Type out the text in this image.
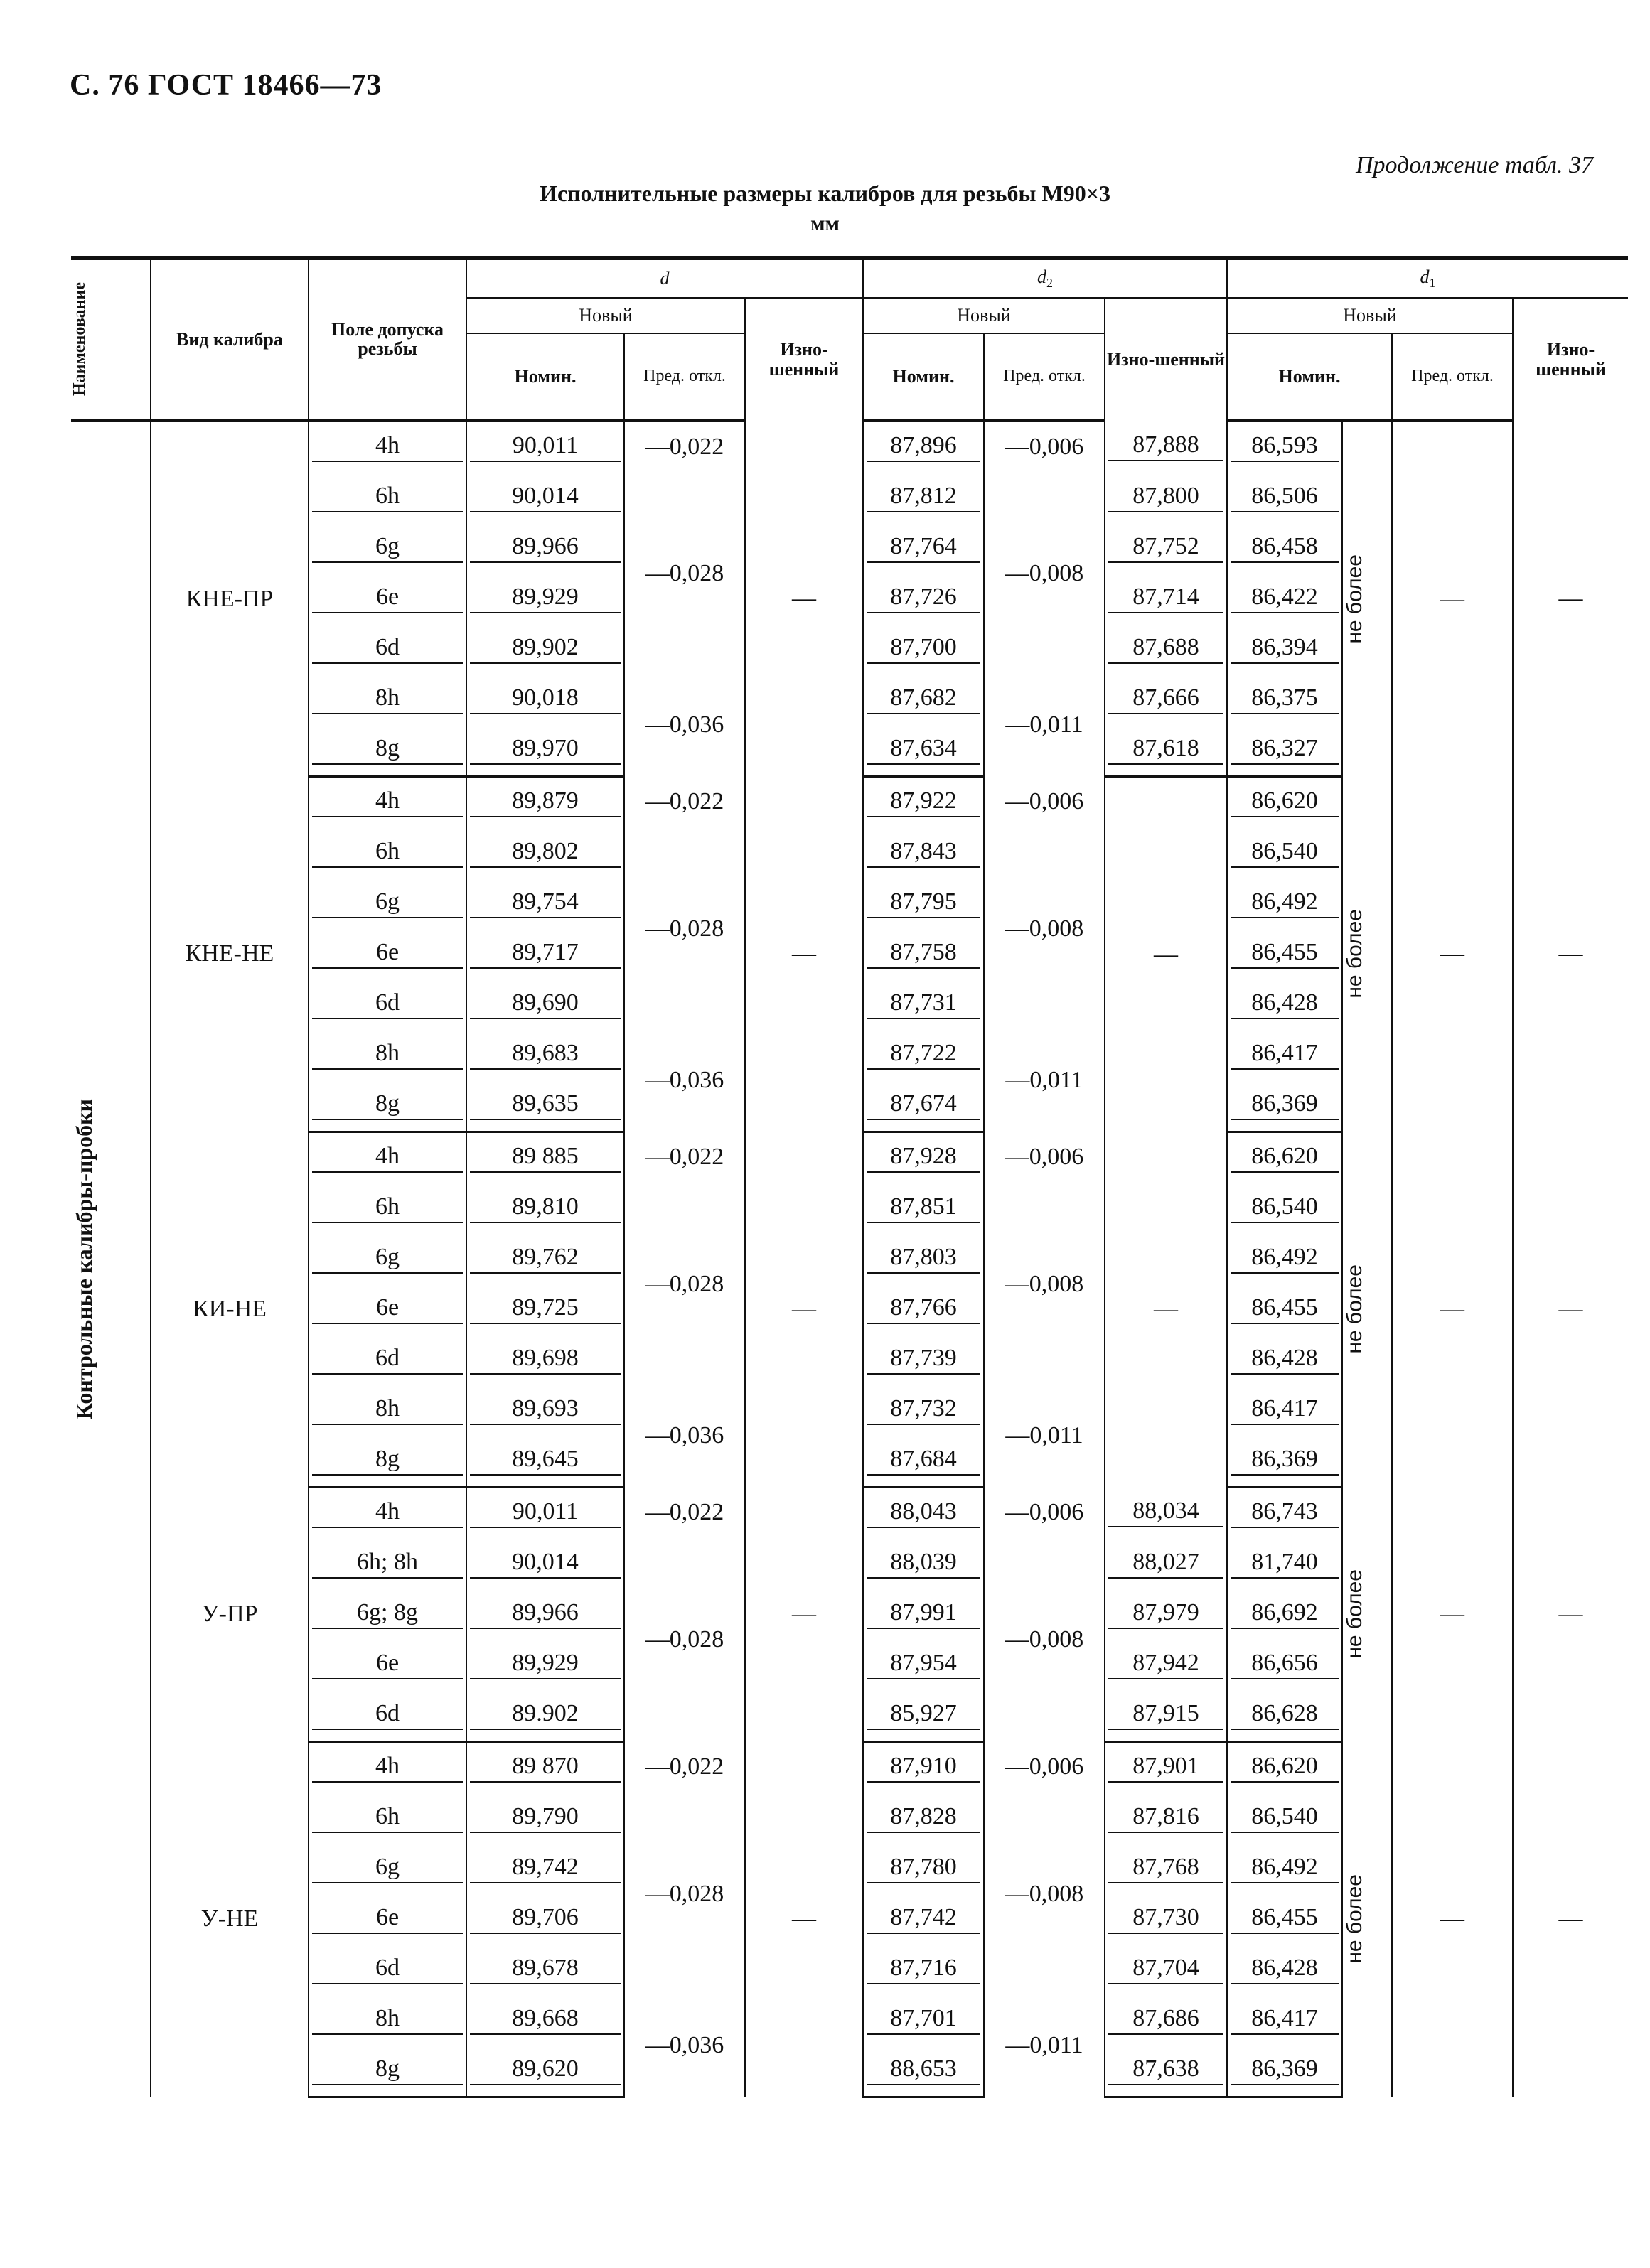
С. 76 ГОСТ 18466—73
Продолжение табл. 37
Исполнительные размеры калибров для резьбы М90×3
мм
Наименование	Вид калибра	Поле допуска резьбы	d			$d_2$			$d_1$
			Новый		Изно-шенный	Новый		Изно-шенный	Новый			Изно-шенный
			Номин.	Пред. откл.		Номин.	Пред. откл.		Номин.		Пред. откл.	

Контрольные калибры-пробки	КНЕ-ПР	4h	90,011	—0,022	—	87,896	—0,006	87,888	86,593	не более	—	—

		6h	90,014	—0,028		87,812	—0,008	87,800	86,506			

		6g	89,966			87,764		87,752	86,458			

		6e	89,929			87,726		87,714	86,422			

		6d	89,902			87,700		87,688	86,394			

		8h	90,018	—0,036		87,682	—0,011	87,666	86,375			

		8g	89,970			87,634		87,618	86,327			

	КНЕ-НЕ	4h	89,879	—0,022	—	87,922	—0,006	—	86,620	не более	—	—

		6h	89,802	—0,028		87,843	—0,008		86,540			

		6g	89,754			87,795			86,492			

		6e	89,717			87,758			86,455			

		6d	89,690			87,731			86,428			

		8h	89,683	—0,036		87,722	—0,011		86,417			

		8g	89,635			87,674			86,369			

	КИ-НЕ	4h	89 885	—0,022	—	87,928	—0,006	—	86,620	не более	—	—

		6h	89,810	—0,028		87,851	—0,008		86,540			

		6g	89,762			87,803			86,492			

		6e	89,725			87,766			86,455			

		6d	89,698			87,739			86,428			

		8h	89,693	—0,036		87,732	—0,011		86,417			

		8g	89,645			87,684			86,369			

	У-ПР	4h	90,011	—0,022	—	88,043	—0,006	88,034	86,743	не более	—	—

		6h; 8h	90,014	—0,028		88,039	—0,008	88,027	81,740			

		6g; 8g	89,966			87,991		87,979	86,692			

		6e	89,929			87,954		87,942	86,656			

		6d	89.902			85,927		87,915	86,628			

	У-НЕ	4h	89 870	—0,022	—	87,910	—0,006	87,901	86,620	не более	—	—

		6h	89,790	—0,028		87,828	—0,008	87,816	86,540			

		6g	89,742			87,780		87,768	86,492			

		6e	89,706			87,742		87,730	86,455			

		6d	89,678			87,716		87,704	86,428			

		8h	89,668	—0,036		87,701	—0,011	87,686	86,417			

		8g	89,620			88,653		87,638	86,369			
